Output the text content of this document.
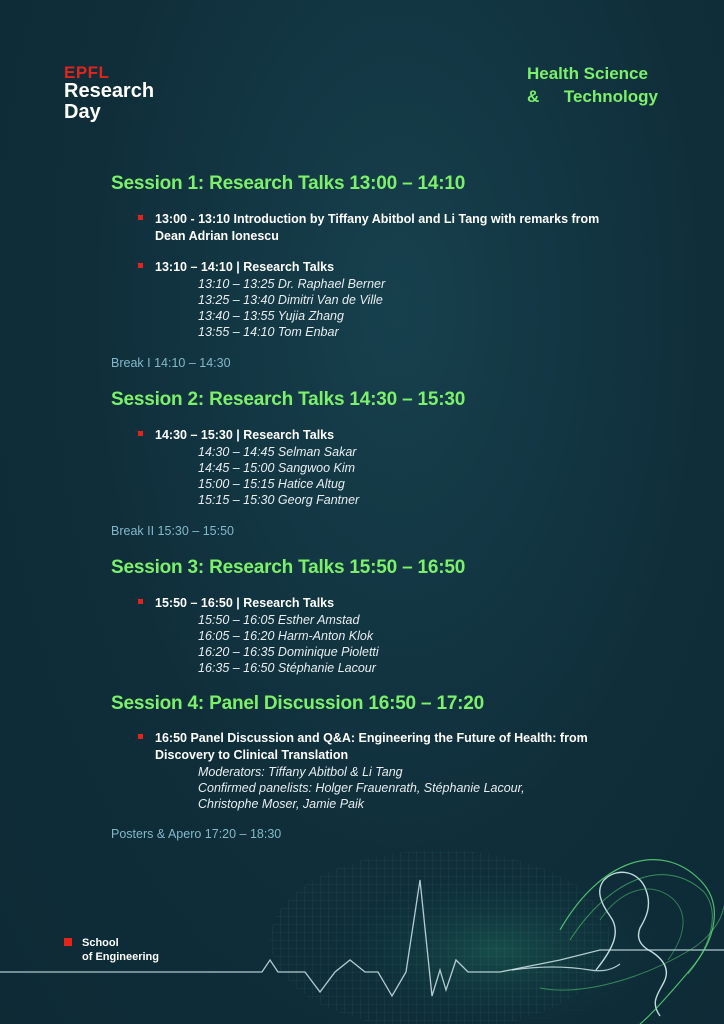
EPFL
Research
Day
Health Science
& Technology
Session 1: Research Talks 13:00 – 14:10
13:00 - 13:10 Introduction by Tiffany Abitbol and Li Tang with remarks from Dean Adrian Ionescu
13:10 – 14:10 | Research Talks
13:10 – 13:25 Dr. Raphael Berner
13:25 – 13:40 Dimitri Van de Ville
13:40 – 13:55 Yujia Zhang
13:55 – 14:10 Tom Enbar
Break I 14:10 – 14:30
Session 2: Research Talks 14:30 – 15:30
14:30 – 15:30 | Research Talks
14:30 – 14:45 Selman Sakar
14:45 – 15:00 Sangwoo Kim
15:00 – 15:15 Hatice Altug
15:15 – 15:30 Georg Fantner
Break II 15:30 – 15:50
Session 3: Research Talks 15:50 – 16:50
15:50 – 16:50 | Research Talks
15:50 – 16:05 Esther Amstad
16:05 – 16:20 Harm-Anton Klok
16:20 – 16:35 Dominique Pioletti
16:35 – 16:50 Stéphanie Lacour
Session 4: Panel Discussion 16:50 – 17:20
16:50 Panel Discussion and Q&A: Engineering the Future of Health: from Discovery to Clinical Translation
Moderators: Tiffany Abitbol & Li Tang
Confirmed panelists: Holger Frauenrath, Stéphanie Lacour,
Christophe Moser, Jamie Paik
Posters & Apero 17:20 – 18:30
School
of Engineering
